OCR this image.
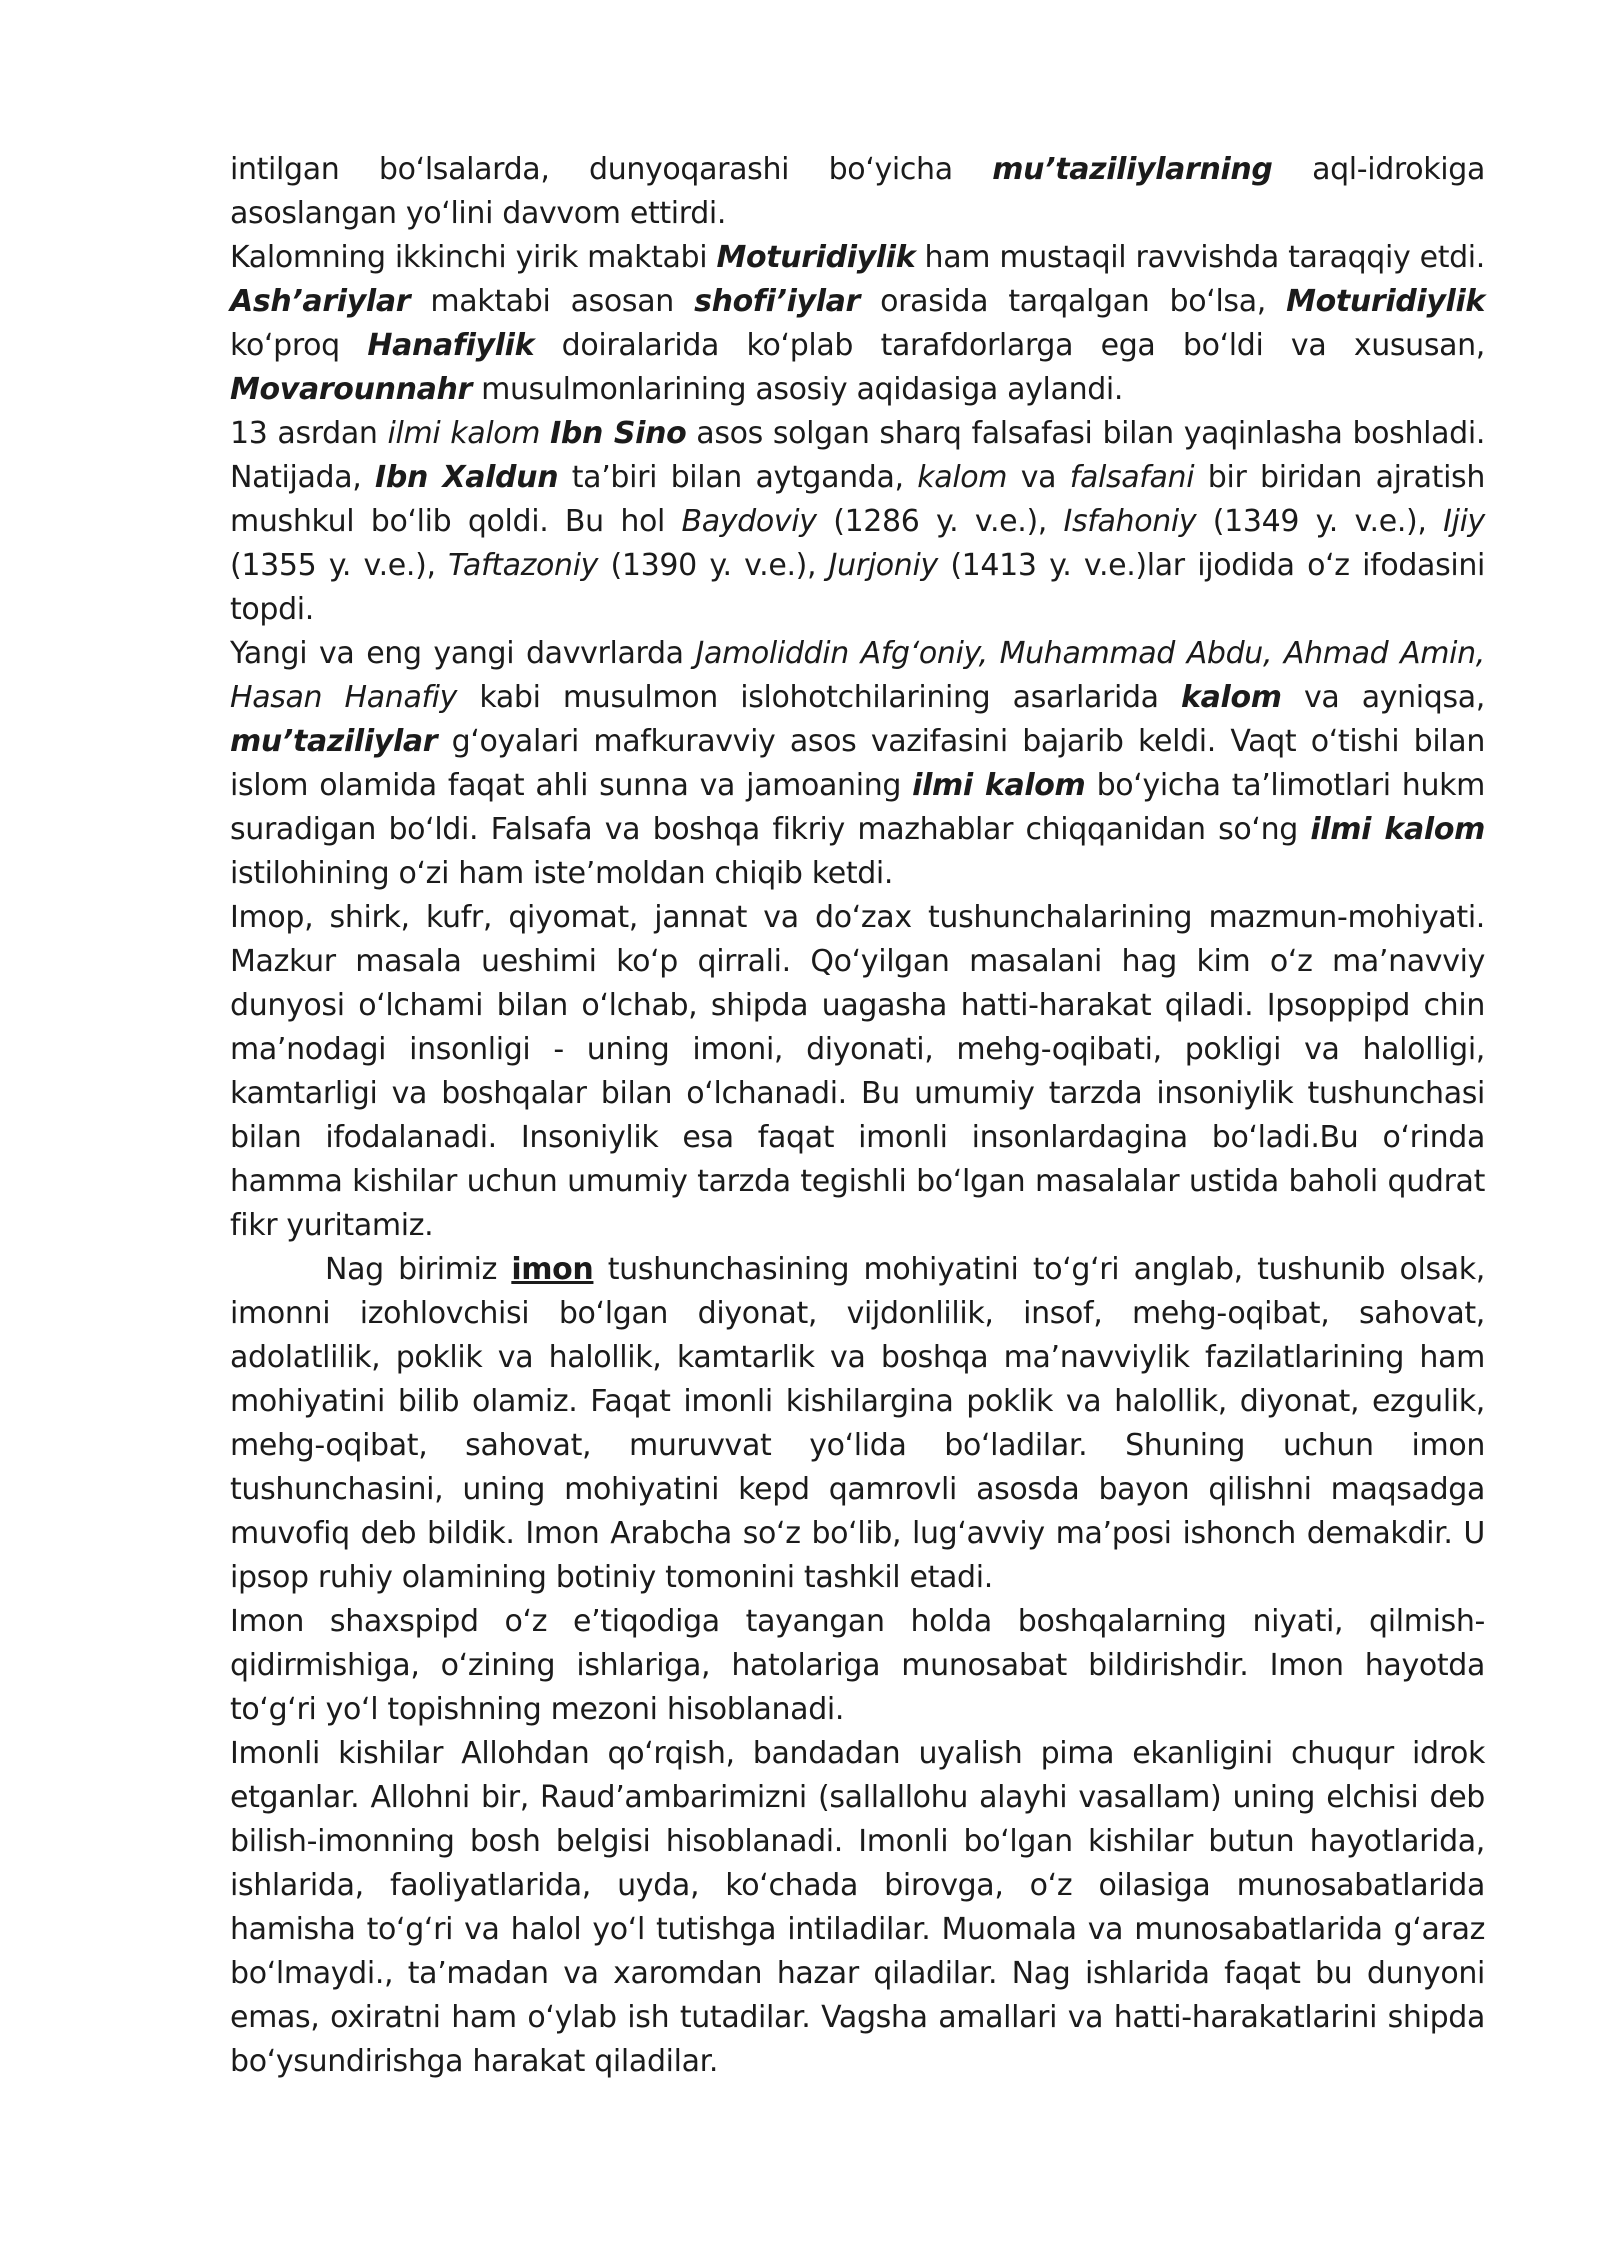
intilgan bo‘lsalarda, dunyoqarashi bo‘yicha mu’taziliylarning aql-idrokiga asoslangan yo‘lini davvom ettirdi.

Kalomning ikkinchi yirik maktabi Moturidiylik ham mustaqil ravvishda taraqqiy etdi. Ash’ariylar maktabi asosan shofi’iylar orasida tarqalgan bo‘lsa, Moturidiylik ko‘proq Hanafiylik doiralarida ko‘plab tarafdorlarga ega bo‘ldi va xususan, Movarounnahr musulmonlarining asosiy aqidasiga aylandi.

13 asrdan ilmi kalom Ibn Sino asos solgan sharq falsafasi bilan yaqinlasha boshladi. Natijada, Ibn Xaldun ta’biri bilan aytganda, kalom va falsafani bir biridan ajratish mushkul bo‘lib qoldi. Bu hol Baydoviy (1286 y. v.e.), Isfahoniy (1349 y. v.e.), Ijiy (1355 y. v.e.), Taftazoniy (1390 y. v.e.), Jurjoniy (1413 y. v.e.)lar ijodida o‘z ifodasini topdi.

Yangi va eng yangi davvrlarda Jamoliddin Afg‘oniy, Muhammad Abdu, Ahmad Amin, Hasan Hanafiy kabi musulmon islohotchilarining asarlarida kalom va ayniqsa, mu’taziliylar g‘oyalari mafkuravviy asos vazifasini bajarib keldi. Vaqt o‘tishi bilan islom olamida faqat ahli sunna va jamoaning ilmi kalom bo‘yicha ta’limotlari hukm suradigan bo‘ldi. Falsafa va boshqa fikriy mazhablar chiqqanidan so‘ng ilmi kalom istilohining o‘zi ham iste’moldan chiqib ketdi.

Imop, shirk, kufr, qiyomat, jannat va do‘zax tushunchalarining mazmun-mohiyati. Mazkur masala ueshimi ko‘p qirrali. Qo‘yilgan masalani hag kim o‘z ma’navviy dunyosi o‘lchami bilan o‘lchab, shipda uagasha hatti-harakat qiladi. Ipsoppipd chin ma’nodagi insonligi - uning imoni, diyonati, mehg-oqibati, pokligi va halolligi, kamtarligi va boshqalar bilan o‘lchanadi. Bu umumiy tarzda insoniylik tushunchasi bilan ifodalanadi. Insoniylik esa faqat imonli insonlardagina bo‘ladi.Bu o‘rinda hamma kishilar uchun umumiy tarzda tegishli bo‘lgan masalalar ustida baholi qudrat fikr yuritamiz.

Nag birimiz imon tushunchasining mohiyatini to‘g‘ri anglab, tushunib olsak, imonni izohlovchisi bo‘lgan diyonat, vijdonlilik, insof, mehg-oqibat, sahovat, adolatlilik, poklik va halollik, kamtarlik va boshqa ma’navviylik fazilatlarining ham mohiyatini bilib olamiz. Faqat imonli kishilargina poklik va halollik, diyonat, ezgulik, mehg-oqibat, sahovat, muruvvat yo‘lida bo‘ladilar. Shuning uchun imon tushunchasini, uning mohiyatini kepd qamrovli asosda bayon qilishni maqsadga muvofiq deb bildik. Imon Arabcha so‘z bo‘lib, lug‘avviy ma’posi ishonch demakdir. U ipsop ruhiy olamining botiniy tomonini tashkil etadi.

Imon shaxspipd o‘z e’tiqodiga tayangan holda boshqalarning niyati, qilmish-qidirmishiga, o‘zining ishlariga, hatolariga munosabat bildirishdir. Imon hayotda to‘g‘ri yo‘l topishning mezoni hisoblanadi.

Imonli kishilar Allohdan qo‘rqish, bandadan uyalish pima ekanligini chuqur idrok etganlar. Allohni bir, Raud’ambarimizni (sallallohu alayhi vasallam) uning elchisi deb bilish-imonning bosh belgisi hisoblanadi. Imonli bo‘lgan kishilar butun hayotlarida, ishlarida, faoliyatlarida, uyda, ko‘chada birovga, o‘z oilasiga munosabatlarida hamisha to‘g‘ri va halol yo‘l tutishga intiladilar. Muomala va munosabatlarida g‘araz bo‘lmaydi., ta’madan va xaromdan hazar qiladilar. Nag ishlarida faqat bu dunyoni emas, oxiratni ham o‘ylab ish tutadilar. Vagsha amallari va hatti-harakatlarini shipda bo‘ysundirishga harakat qiladilar.
